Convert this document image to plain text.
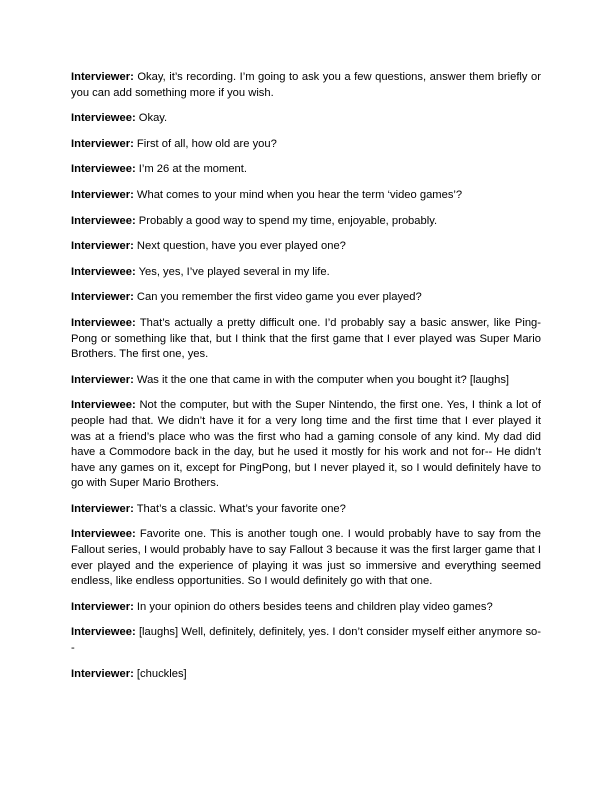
Interviewer: Okay, it’s recording. I’m going to ask you a few questions, answer them briefly or you can add something more if you wish.

Interviewee: Okay.

Interviewer: First of all, how old are you?

Interviewee: I’m 26 at the moment.

Interviewer: What comes to your mind when you hear the term ‘video games’?

Interviewee: Probably a good way to spend my time, enjoyable, probably.

Interviewer: Next question, have you ever played one?

Interviewee: Yes, yes, I’ve played several in my life.

Interviewer: Can you remember the first video game you ever played?

Interviewee: That’s actually a pretty difficult one. I’d probably say a basic answer, like Ping-Pong or something like that, but I think that the first game that I ever played was Super Mario Brothers. The first one, yes.

Interviewer: Was it the one that came in with the computer when you bought it? [laughs]

Interviewee: Not the computer, but with the Super Nintendo, the first one. Yes, I think a lot of people had that. We didn’t have it for a very long time and the first time that I ever played it was at a friend’s place who was the first who had a gaming console of any kind. My dad did have a Commodore back in the day, but he used it mostly for his work and not for-- He didn’t have any games on it, except for PingPong, but I never played it, so I would definitely have to go with Super Mario Brothers.

Interviewer: That’s a classic. What’s your favorite one?

Interviewee: Favorite one. This is another tough one. I would probably have to say from the Fallout series, I would probably have to say Fallout 3 because it was the first larger game that I ever played and the experience of playing it was just so immersive and everything seemed endless, like endless opportunities. So I would definitely go with that one.

Interviewer: In your opinion do others besides teens and children play video games?

Interviewee: [laughs] Well, definitely, definitely, yes. I don’t consider myself either anymore so--

Interviewer: [chuckles]
